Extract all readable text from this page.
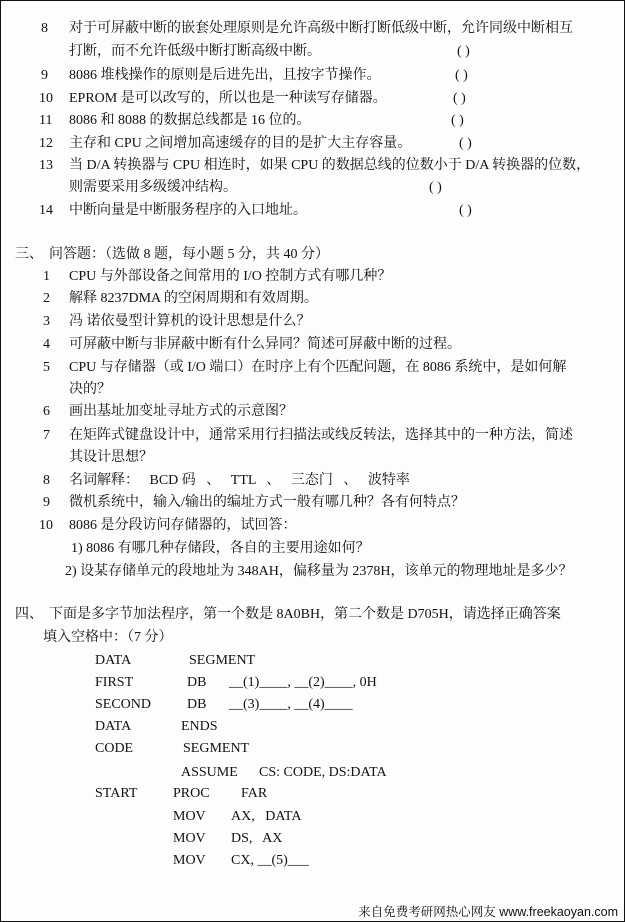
8 对于可屏蔽中断的嵌套处理原则是允许高级中断打断低级中断，允许同级中断相互
打断，而不允许低级中断打断高级中断。	( )
9 8086 堆栈操作的原则是后进先出，且按字节操作。	( )
10 EPROM 是可以改写的，所以也是一种读写存储器。	( )
11 8086 和 8088 的数据总线都是 16 位的。	( )
12 主存和 CPU 之间增加高速缓存的目的是扩大主存容量。	( )
13 当 D/A 转换器与 CPU 相连时，如果 CPU 的数据总线的位数小于 D/A 转换器的位数，
则需要采用多级缓冲结构。	( )
14 中断向量是中断服务程序的入口地址。	( )
三、 问答题：（选做 8 题，每小题 5 分，共 40 分）
1 CPU 与外部设备之间常用的 I/O 控制方式有哪几种？
2 解释 8237DMA 的空闲周期和有效周期。
3 冯 诺依曼型计算机的设计思想是什么？
4 可屏蔽中断与非屏蔽中断有什么异同？简述可屏蔽中断的过程。
5 CPU 与存储器（或 I/O 端口）在时序上有个匹配问题，在 8086 系统中，是如何解
决的？
6 画出基址加变址寻址方式的示意图？
7 在矩阵式键盘设计中，通常采用行扫描法或线反转法，选择其中的一种方法，简述
其设计思想？
8 名词解释：   BCD 码   、   TTL   、   三态门   、   波特率
9 微机系统中，输入/输出的编址方式一般有哪几种？各有何特点？
10 8086 是分段访问存储器的，试回答：
1) 8086 有哪几种存储段，各自的主要用途如何？
2) 设某存储单元的段地址为 348AH，偏移量为 2378H，该单元的物理地址是多少？
四、 下面是多字节加法程序，第一个数是 8A0BH，第二个数是 D705H，请选择正确答案
填入空格中：（7 分）
DATA	SEGMENT
FIRST	DB __(1)____, __(2)____, 0H
SECOND	DB __(3)____, __(4)____
DATA	ENDS
CODE	SEGMENT
ASSUME CS: CODE, DS:DATA
START	PROC FAR
MOV AX,   DATA
MOV DS,   AX
MOV CX, __(5)___
来自免费考研网热心网友 www.freekaoyan.com
